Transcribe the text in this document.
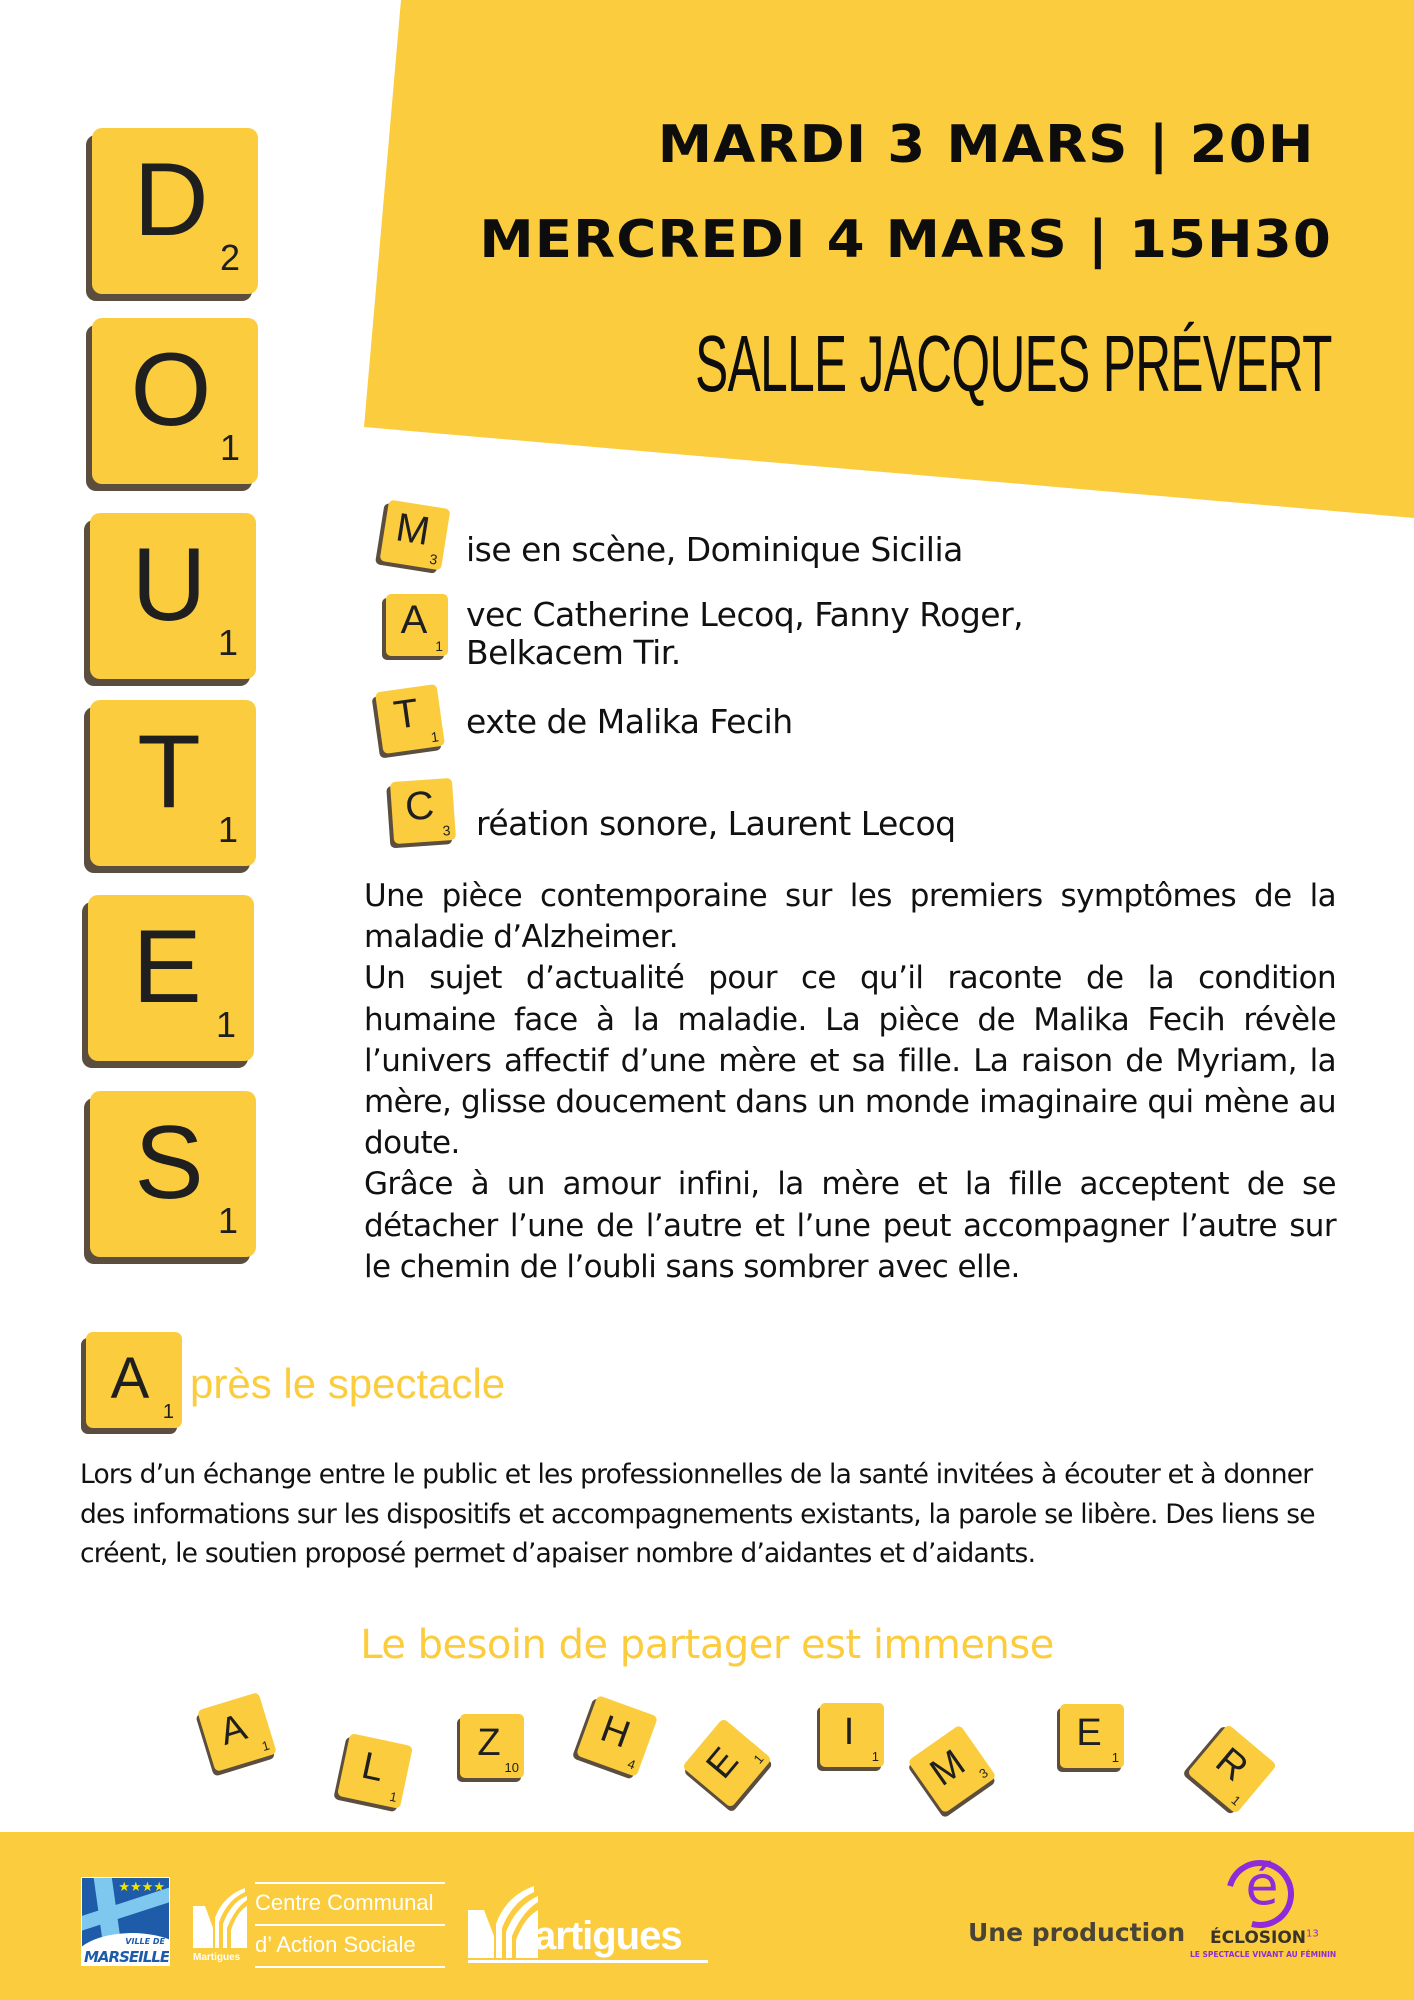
MARDI 3 MARS | 20H
MERCREDI 4 MARS | 15H30
SALLE JACQUES PRÉVERT
D 2
O 1
U 1
T 1
E 1
S 1
M
3 ise en scène, Dominique Sicilia
A
1
vec Catherine Lecoq, Fanny Roger,
Belkacem Tir.
T 1 exte de Malika Fecih
C
3 réation sonore, Laurent Lecoq

Une pièce contemporaine sur les premiers symptômes de la maladie d’Alzheimer.

Un sujet d’actualité pour ce qu’il raconte de la condition humaine face à la maladie. La pièce de Malika Fecih révèle l’univers affectif d’une mère et sa fille. La raison de Myriam, la mère, glisse doucement dans un monde imaginaire qui mène au doute.

Grâce à un amour infini, la mère et la fille acceptent de se détacher l’une de l’autre et l’une peut accompagner l’autre sur le chemin de l’oubli sans sombrer avec elle.

A
1
près le spectacle
Lors d’un échange entre le public et les professionnelles de la santé invitées à écouter et à donner des informations sur les dispositifs et accompagnements existants, la parole se libère. Des liens se créent, le soutien proposé permet d’apaiser nombre d’aidantes et d’aidants.
Le besoin de partager est immense
A 1	L
1
Z
10
H
4	E 1
I
1	M 3
E
1	R
1
★★★★
VILLE DE
MARSEILLE Martigues
Centre Communal
d’ Action Sociale	artigues	Une production
é
ÉCLOSION$^{13}$
LE SPECTACLE VIVANT AU FÉMININ
